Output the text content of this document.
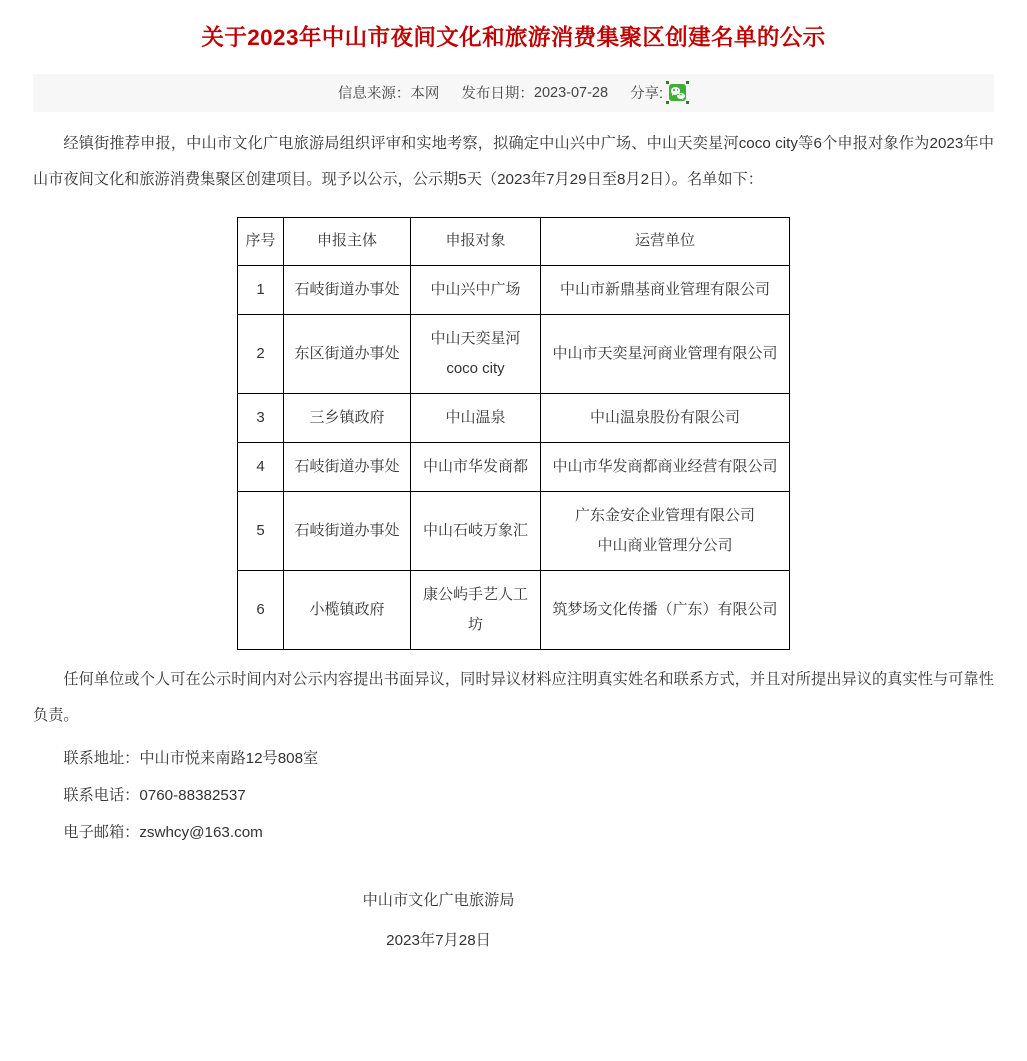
关于2023年中山市夜间文化和旅游消费集聚区创建名单的公示
信息来源： 本网 发布日期： 2023-07-28 分享:

经镇街推荐申报，中山市文化广电旅游局组织评审和实地考察，拟确定中山兴中广场、中山天奕星河coco city等6个申报对象作为2023年中山市夜间文化和旅游消费集聚区创建项目。现予以公示，公示期5天（2023年7月29日至8月2日）。名单如下：

序号	申报主体	申报对象	运营单位
1	石岐街道办事处	中山兴中广场	中山市新鼎基商业管理有限公司
2	东区街道办事处	中山天奕星河coco city	中山市天奕星河商业管理有限公司
3	三乡镇政府	中山温泉	中山温泉股份有限公司
4	石岐街道办事处	中山市华发商都	中山市华发商都商业经营有限公司
5	石岐街道办事处	中山石岐万象汇	广东金安企业管理有限公司
中山商业管理分公司

6	小榄镇政府	康公屿手艺人工坊	筑梦场文化传播（广东）有限公司

任何单位或个人可在公示时间内对公示内容提出书面异议，同时异议材料应注明真实姓名和联系方式，并且对所提出异议的真实性与可靠性负责。

联系地址：中山市悦来南路12号808室
联系电话：0760-88382537
电子邮箱：zswhcy@163.com
中山市文化广电旅游局
2023年7月28日
